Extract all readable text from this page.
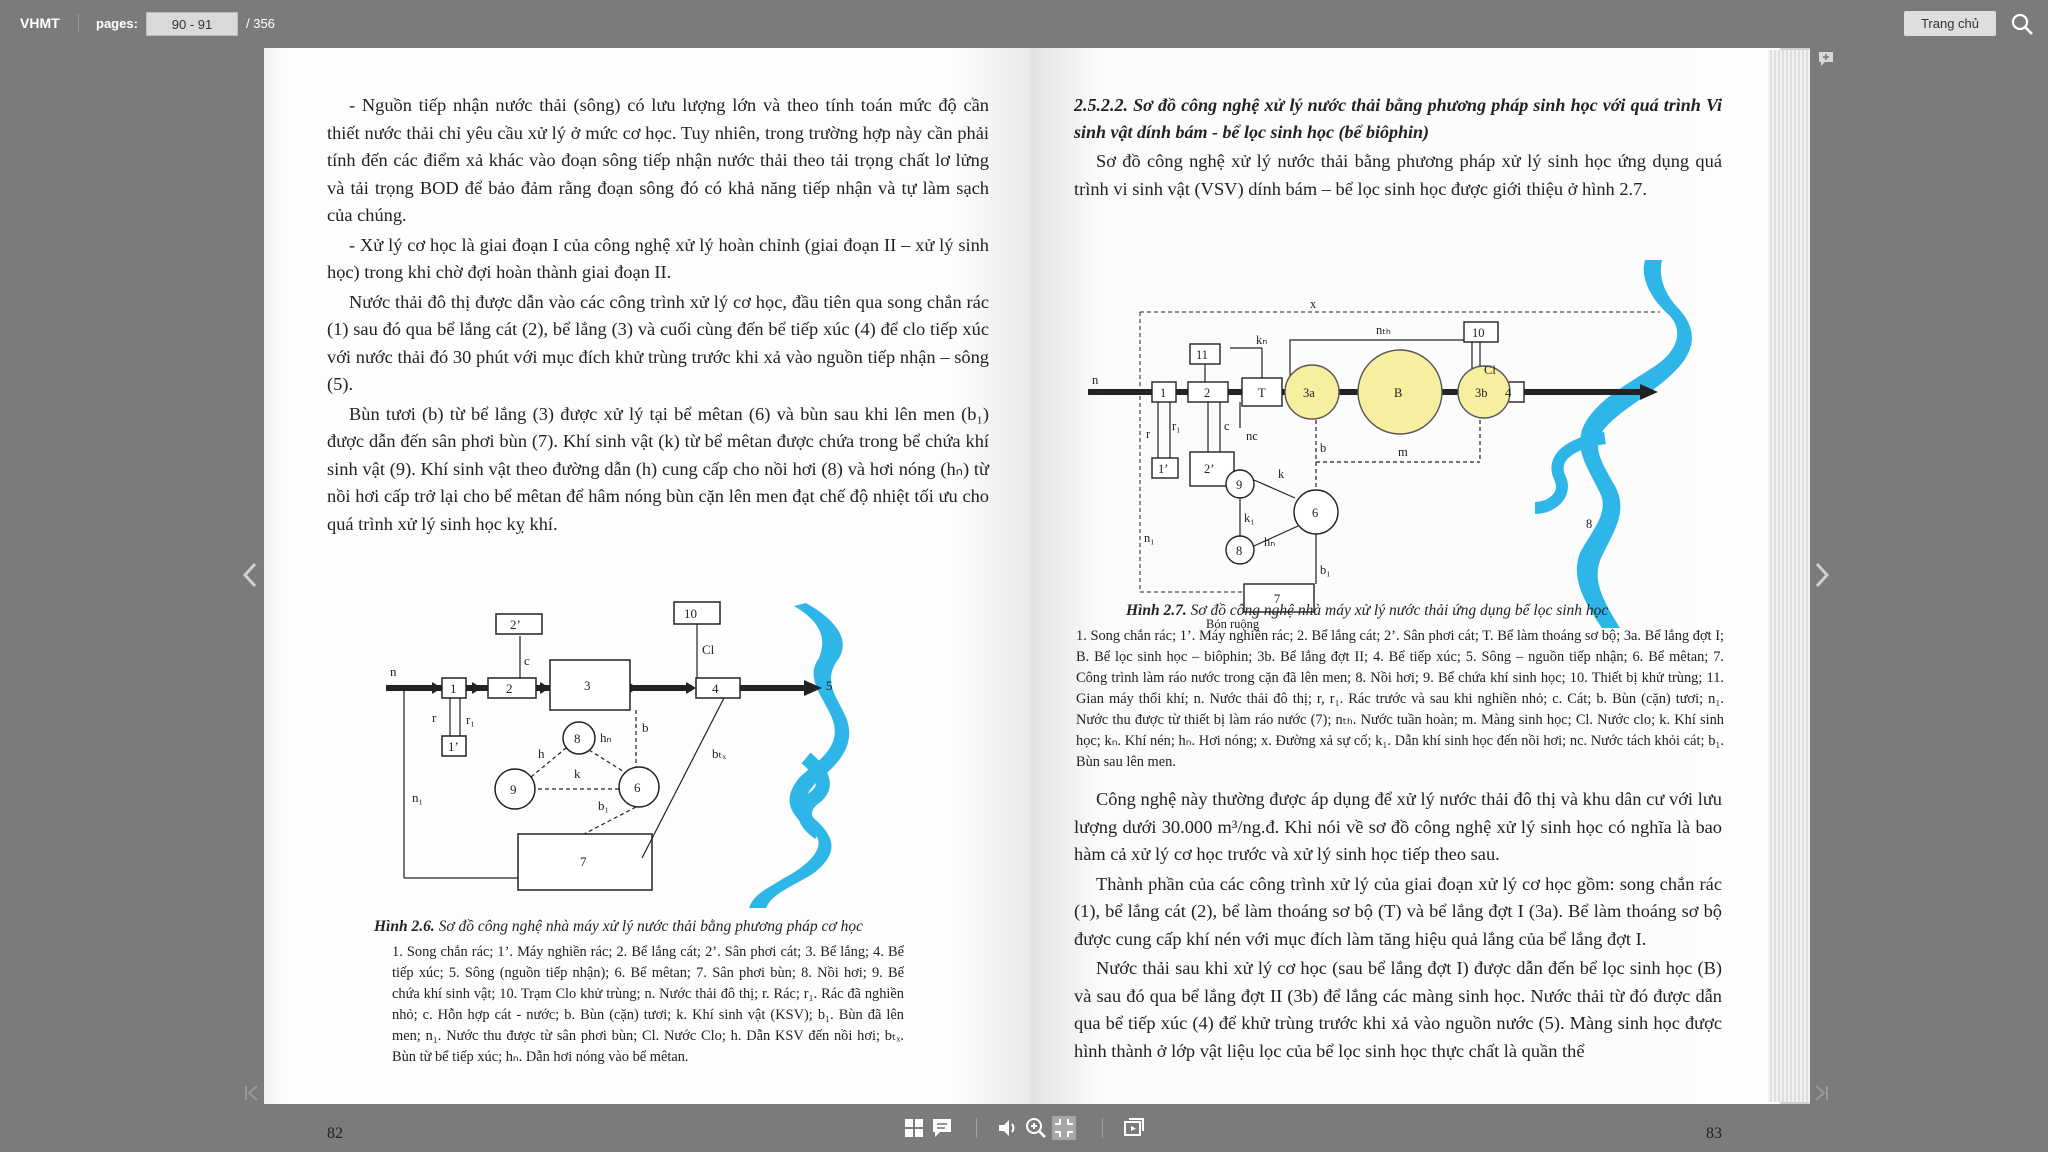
VHMT	pages:
90 - 91	/ 356	Trang chủ

- Nguồn tiếp nhận nước thải (sông) có lưu lượng lớn và theo tính toán mức độ cần thiết nước thải chỉ yêu cầu xử lý ở mức cơ học. Tuy nhiên, trong trường hợp này cần phải tính đến các điểm xả khác vào đoạn sông tiếp nhận nước thải theo tải trọng chất lơ lửng và tải trọng BOD để bảo đảm rằng đoạn sông đó có khả năng tiếp nhận và tự làm sạch của chúng.

- Xử lý cơ học là giai đoạn I của công nghệ xử lý hoàn chỉnh (giai đoạn II – xử lý sinh học) trong khi chờ đợi hoàn thành giai đoạn II.

Nước thải đô thị được dẫn vào các công trình xử lý cơ học, đầu tiên qua song chắn rác (1) sau đó qua bể lắng cát (2), bể lắng (3) và cuối cùng đến bể tiếp xúc (4) để clo tiếp xúc với nước thải đó 30 phút với mục đích khử trùng trước khi xả vào nguồn tiếp nhận – sông (5).

Bùn tươi (b) từ bể lắng (3) được xử lý tại bể mêtan (6) và bùn sau khi lên men (b₁) được dẫn đến sân phơi bùn (7). Khí sinh vật (k) từ bể mêtan được chứa trong bể chứa khí sinh vật (9). Khí sinh vật theo đường dẫn (h) cung cấp cho nồi hơi (8) và hơi nóng (hₙ) từ nồi hơi cấp trở lại cho bể mêtan để hâm nóng bùn cặn lên men đạt chế độ nhiệt tối ưu cho quá trình xử lý sinh học kỵ khí.

n
1	2
2’
3	4	5
10
1’
7
8
9	6
c
r r₁
h
hₙ
k
b
b₁
bₜₓ
n₁
Cl
Hình 2.6. Sơ đồ công nghệ nhà máy xử lý nước thải bằng phương pháp cơ học
1. Song chắn rác; 1’. Máy nghiền rác; 2. Bể lắng cát; 2’. Sân phơi cát; 3. Bể lắng; 4. Bể tiếp xúc; 5. Sông (nguồn tiếp nhận); 6. Bể mêtan; 7. Sân phơi bùn; 8. Nồi hơi; 9. Bể chứa khí sinh vật; 10. Trạm Clo khử trùng; n. Nước thải đô thị; r. Rác; r₁. Rác đã nghiền nhỏ; c. Hỗn hợp cát - nước; b. Bùn (cặn) tươi; k. Khí sinh vật (KSV); b₁. Bùn đã lên men; n₁. Nước thu được từ sân phơi bùn; Cl. Nước Clo; h. Dẫn KSV đến nồi hơi; bₜₓ. Bùn từ bể tiếp xúc; hₙ. Dẫn hơi nóng vào bể mêtan.
82
2.5.2.2. Sơ đồ công nghệ xử lý nước thải bằng phương pháp sinh học với quá trình Vi sinh vật dính bám - bể lọc sinh học (bể biôphin)

Sơ đồ công nghệ xử lý nước thải bằng phương pháp xử lý sinh học ứng dụng quá trình vi sinh vật (VSV) dính bám – bể lọc sinh học được giới thiệu ở hình 2.7.

x
nₜₕ
kₙ
11
10
n
1	2	T	3a	B	3b 4
Cl
r
r₁	c
nc
1’	2’
b	m
9
k
6
k₁
hₙ
8
n₁
b₁
7
Bón ruộng
8
Hình 2.7. Sơ đồ công nghệ nhà máy xử lý nước thải ứng dụng bể lọc sinh học
1. Song chắn rác; 1’. Máy nghiền rác; 2. Bể lắng cát; 2’. Sân phơi cát; T. Bể làm thoáng sơ bộ; 3a. Bể lắng đợt I; B. Bể lọc sinh học – biôphin; 3b. Bể lắng đợt II; 4. Bể tiếp xúc; 5. Sông – nguồn tiếp nhận; 6. Bể mêtan; 7. Công trình làm ráo nước trong cặn đã lên men; 8. Nồi hơi; 9. Bể chứa khí sinh học; 10. Thiết bị khử trùng; 11. Gian máy thổi khí; n. Nước thải đô thị; r, r₁. Rác trước và sau khi nghiền nhỏ; c. Cát; b. Bùn (cặn) tươi; n₁. Nước thu được từ thiết bị làm ráo nước (7); nₜₕ. Nước tuần hoàn; m. Màng sinh học; Cl. Nước clo; k. Khí sinh học; kₙ. Khí nén; hₙ. Hơi nóng; x. Đường xả sự cố; k₁. Dẫn khí sinh học đến nồi hơi; nc. Nước tách khỏi cát; b₁. Bùn sau lên men.

Công nghệ này thường được áp dụng để xử lý nước thải đô thị và khu dân cư với lưu lượng dưới 30.000 m³/ng.đ. Khi nói về sơ đồ công nghệ xử lý sinh học có nghĩa là bao hàm cả xử lý cơ học trước và xử lý sinh học tiếp theo sau.

Thành phần của các công trình xử lý của giai đoạn xử lý cơ học gồm: song chắn rác (1), bể lắng cát (2), bể làm thoáng sơ bộ (T) và bể lắng đợt I (3a). Bể làm thoáng sơ bộ được cung cấp khí nén với mục đích làm tăng hiệu quả lắng của bể lắng đợt I.

Nước thải sau khi xử lý cơ học (sau bể lắng đợt I) được dẫn đến bể lọc sinh học (B) và sau đó qua bể lắng đợt II (3b) để lắng các màng sinh học. Nước thải từ đó được dẫn qua bể tiếp xúc (4) để khử trùng trước khi xả vào nguồn nước (5). Màng sinh học được hình thành ở lớp vật liệu lọc của bể lọc sinh học thực chất là quần thể

83
